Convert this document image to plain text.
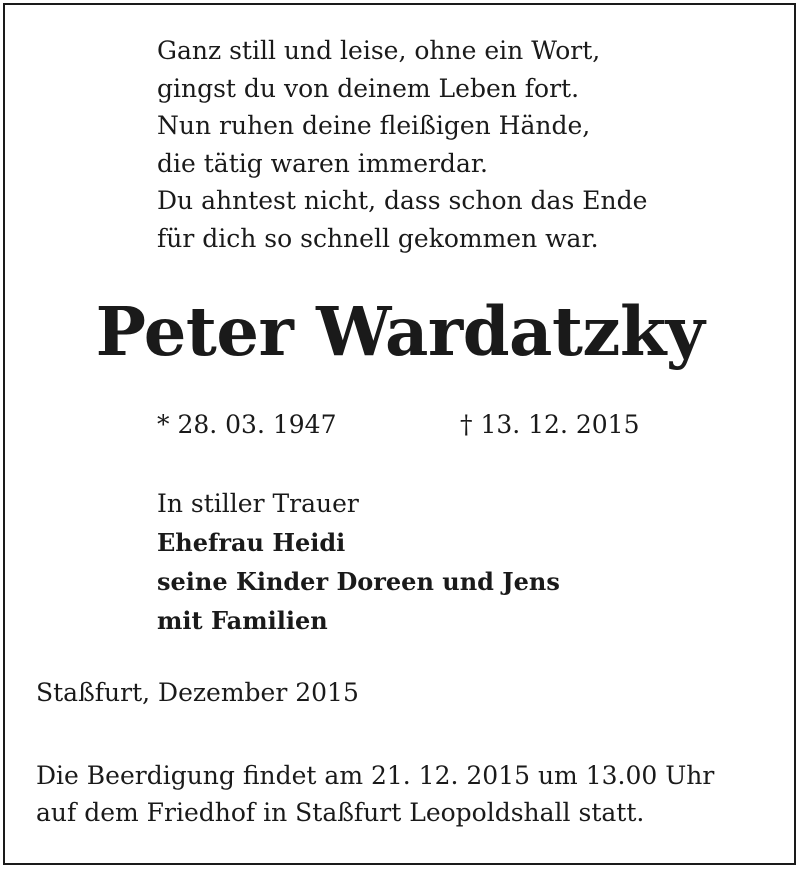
Ganz still und leise, ohne ein Wort,
gingst du von deinem Leben fort.
Nun ruhen deine fleißigen Hände,
die tätig waren immerdar.
Du ahntest nicht, dass schon das Ende
für dich so schnell gekommen war.
Peter Wardatzky
* 28. 03. 1947	† 13. 12. 2015
In stiller Trauer
Ehefrau Heidi
seine Kinder Doreen und Jens
mit Familien
Staßfurt, Dezember 2015
Die Beerdigung findet am 21. 12. 2015 um 13.00 Uhr
auf dem Friedhof in Staßfurt Leopoldshall statt.
